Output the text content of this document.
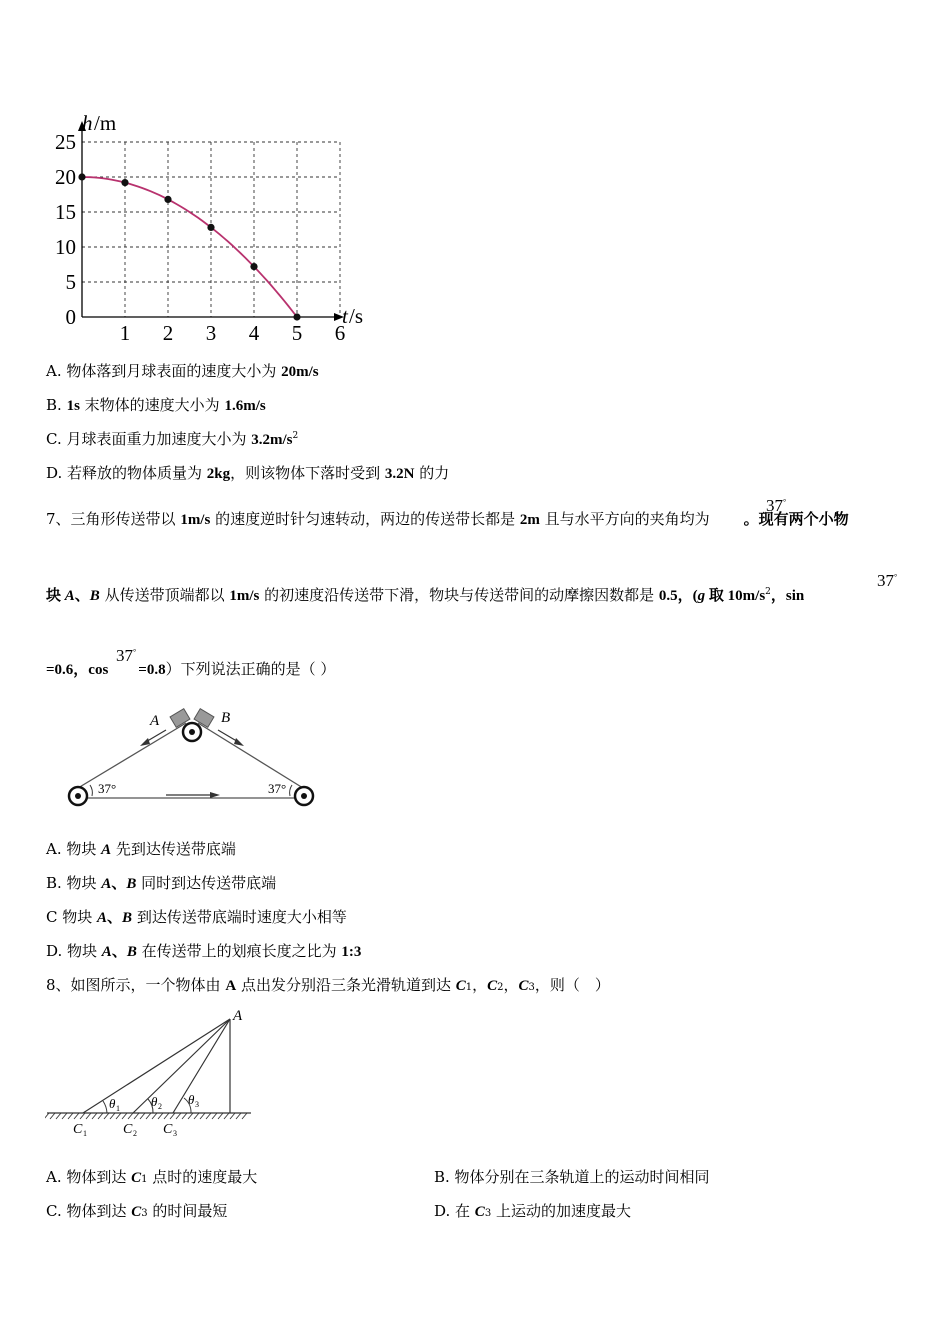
25
20
15
10
5
0
1 2 3 4 5 6
h /m
t /s
A. 物体落到月球表面的速度大小为 20m/s
B. 1s 末物体的速度大小为 1.6m/s
C. 月球表面重力加速度大小为 $3.2m/s^2$
D. 若释放的物体质量为 2kg，则该物体下落时受到 3.2N 的力
7、三角形传送带以 1m/s 的速度逆时针匀速转动，两边的传送带长都是 2m 且与水平方向的夹角均为 。现有两个小物
37°
块 A、B 从传送带顶端都以 1m/s 的初速度沿传送带下滑，物块与传送带间的动摩擦因数都是 0.5，(g 取 $10m/s^2$，sin
37°
=0.6，cos =0.8）下列说法正确的是（ ）
37°
A	B
37°	37°
A. 物块 A 先到达传送带底端
B. 物块 A、B 同时到达传送带底端
C 物块 A、B 到达传送带底端时速度大小相等
D. 物块 A、B 在传送带上的划痕长度之比为 1:3
8、如图所示，一个物体由 A 点出发分别沿三条光滑轨道到达 C1，C2，C3，则（　）
A
θ 1 θ 2 θ 3
C 1	C 2 C 3
A. 物体到达 C1 点时的速度最大	B. 物体分别在三条轨道上的运动时间相同
C. 物体到达 C3 的时间最短	D. 在 C3 上运动的加速度最大
